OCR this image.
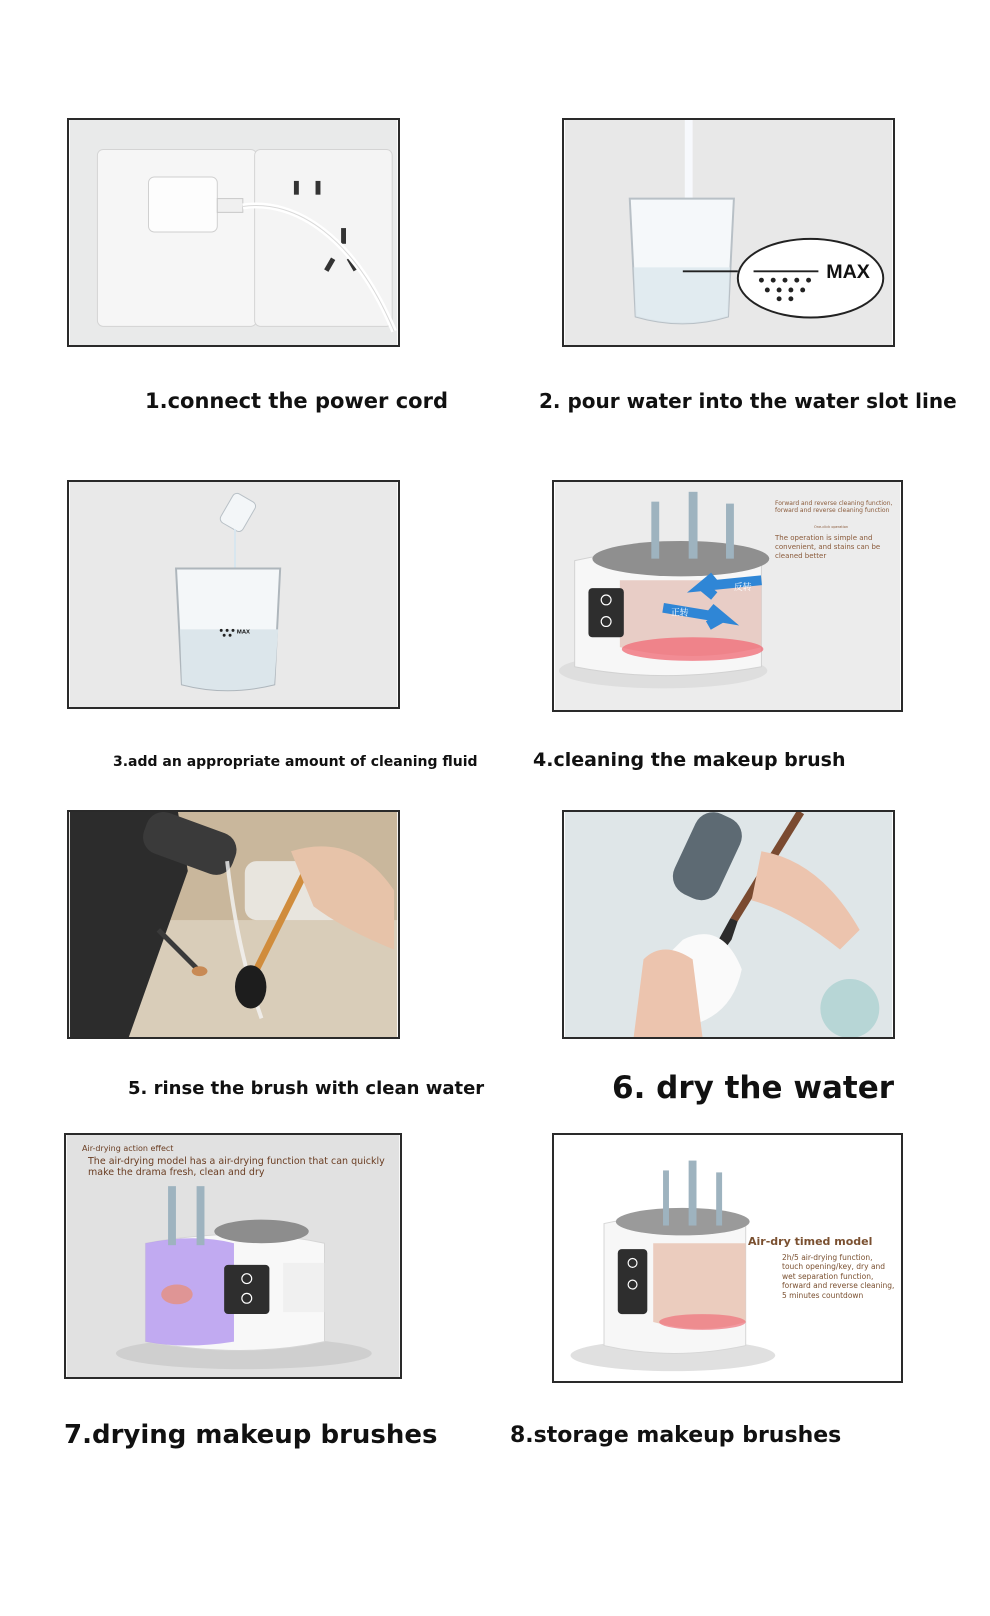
MAX
MAX
反转
正转
Forward and reverse cleaning function, forward and reverse cleaning function
One-click operation
The operation is simple and convenient, and stains can be cleaned better
Air-drying action effect
The air-drying model has a air-drying function that can quickly make the drama fresh, clean and dry
Air-dry timed model
2h/5 air-drying function, touch opening/key, dry and wet separation function, forward and reverse cleaning, 5 minutes countdown
1.connect the power cord	2. pour water into the water slot line
3.add an appropriate amount of cleaning fluid	4.cleaning the makeup brush
5. rinse the brush with clean water	6. dry the water
7.drying makeup brushes	8.storage makeup brushes
